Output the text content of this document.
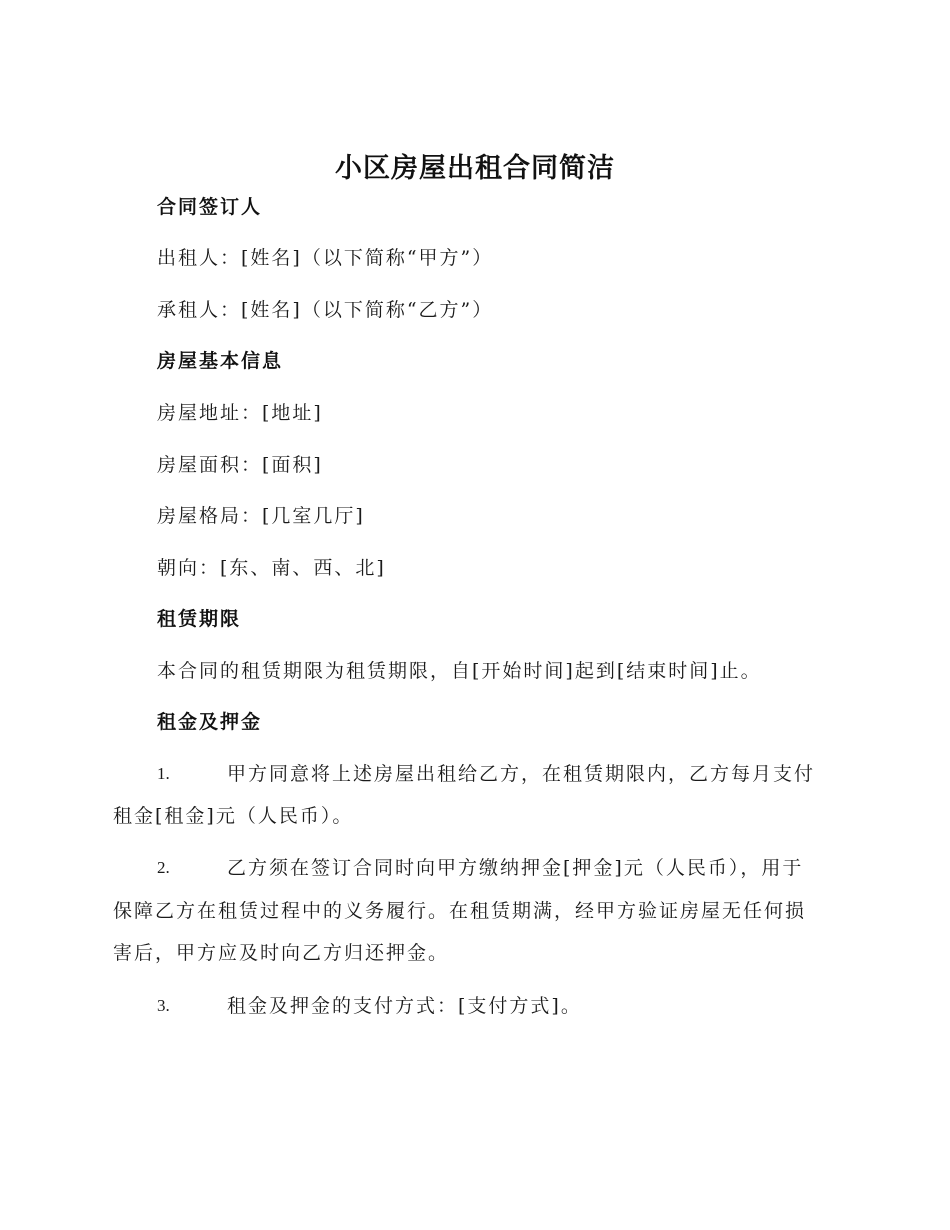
小区房屋出租合同简洁
合同签订人
出租人：[姓名]（以下简称“甲方”）
承租人：[姓名]（以下简称“乙方”）
房屋基本信息
房屋地址：[地址]
房屋面积：[面积]
房屋格局：[几室几厅]
朝向：[东、南、西、北]
租赁期限
本合同的租赁期限为租赁期限，自[开始时间]起到[结束时间]止。
租金及押金
1.	甲方同意将上述房屋出租给乙方，在租赁期限内，乙方每月支付
租金[租金]元（人民币）。
2.	乙方须在签订合同时向甲方缴纳押金[押金]元（人民币），用于
保障乙方在租赁过程中的义务履行。在租赁期满，经甲方验证房屋无任何损
害后，甲方应及时向乙方归还押金。
3.	租金及押金的支付方式：[支付方式]。
